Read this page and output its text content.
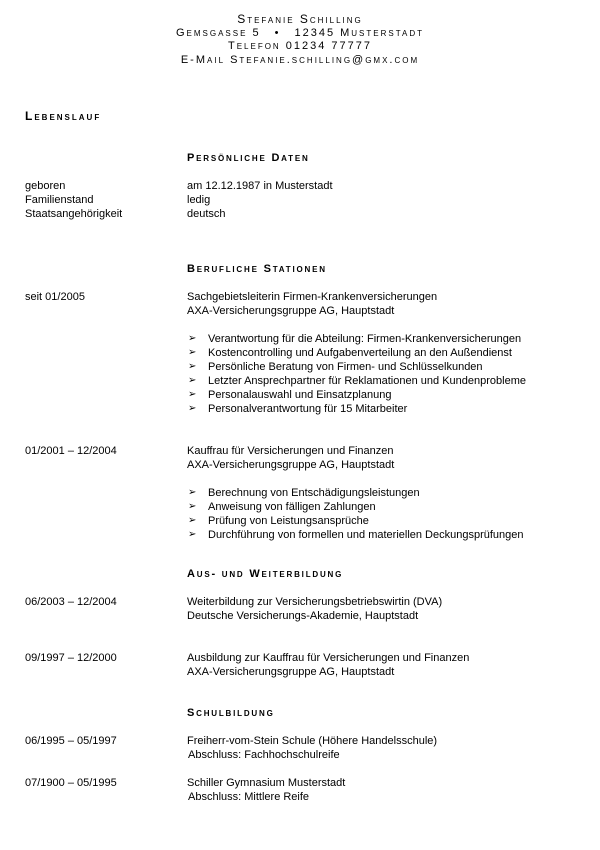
Stefanie Schilling
Gemsgasse 5 • 12345 Musterstadt
Telefon 01234 77777
E-Mail Stefanie.schilling@gmx.com
Lebenslauf
Persönliche Daten
geboren	am 12.12.1987 in Musterstadt
Familienstand	ledig
Staatsangehörigkeit	deutsch
Berufliche Stationen
seit 01/2005	Sachgebietsleiterin Firmen-Krankenversicherungen
AXA-Versicherungsgruppe AG, Hauptstadt
➢ Verantwortung für die Abteilung: Firmen-Krankenversicherungen
➢ Kostencontrolling und Aufgabenverteilung an den Außendienst
➢ Persönliche Beratung von Firmen- und Schlüsselkunden
➢ Letzter Ansprechpartner für Reklamationen und Kundenprobleme
➢ Personalauswahl und Einsatzplanung
➢ Personalverantwortung für 15 Mitarbeiter
01/2001 – 12/2004	Kauffrau für Versicherungen und Finanzen
AXA-Versicherungsgruppe AG, Hauptstadt
➢ Berechnung von Entschädigungsleistungen
➢ Anweisung von fälligen Zahlungen
➢ Prüfung von Leistungsansprüche
➢ Durchführung von formellen und materiellen Deckungsprüfungen
Aus- und Weiterbildung
06/2003 – 12/2004	Weiterbildung zur Versicherungsbetriebswirtin (DVA)
Deutsche Versicherungs-Akademie, Hauptstadt
09/1997 – 12/2000	Ausbildung zur Kauffrau für Versicherungen und Finanzen
AXA-Versicherungsgruppe AG, Hauptstadt
Schulbildung
06/1995 – 05/1997	Freiherr-vom-Stein Schule (Höhere Handelsschule)
Abschluss: Fachhochschulreife
07/1900 – 05/1995	Schiller Gymnasium Musterstadt
Abschluss: Mittlere Reife
